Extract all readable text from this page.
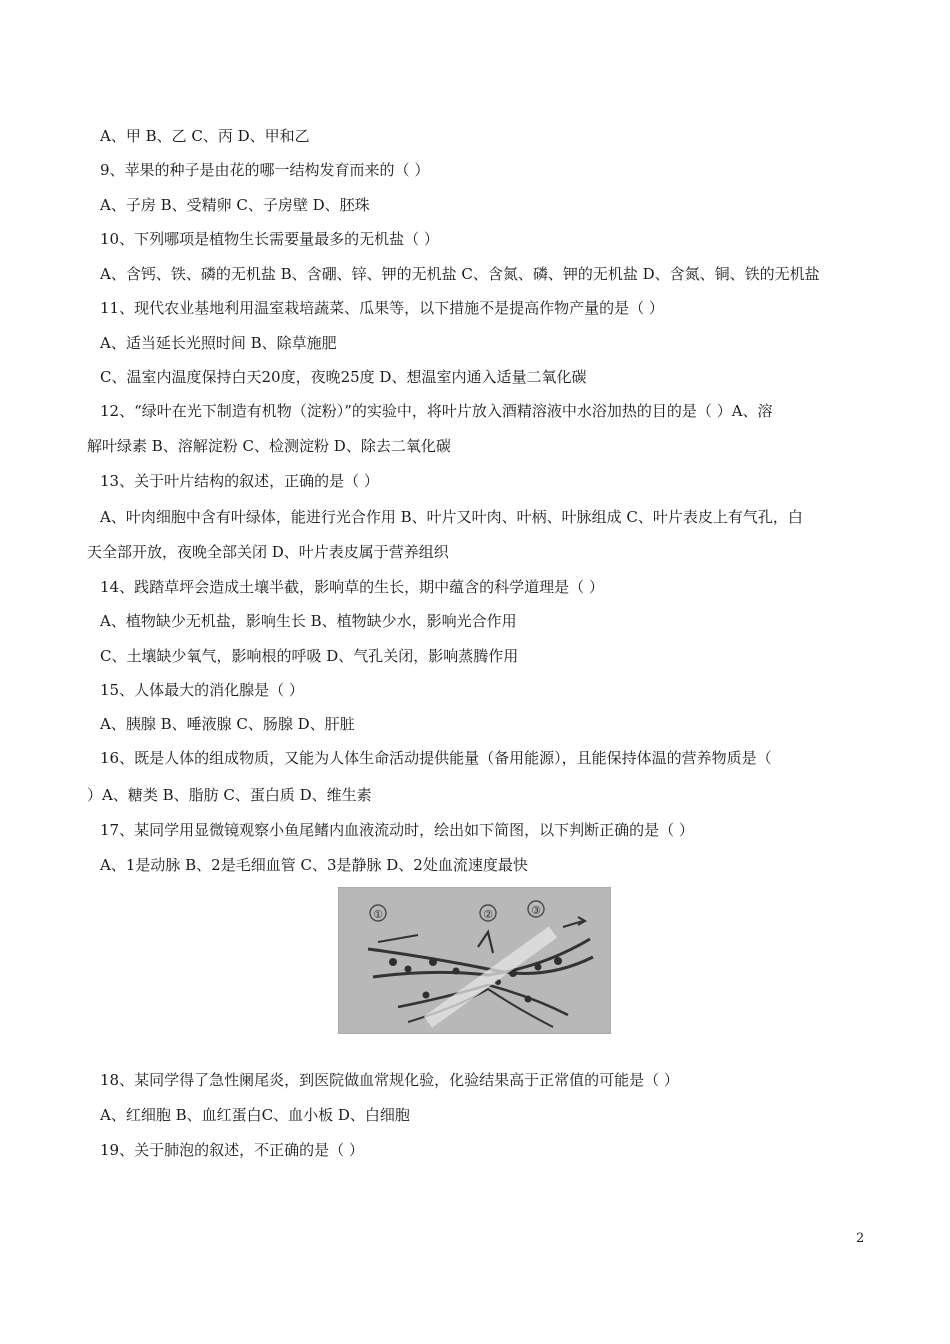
A、甲 B、乙 C、丙 D、甲和乙
9、苹果的种子是由花的哪一结构发育而来的（ ）
A、子房 B、受精卵 C、子房壁 D、胚珠
10、下列哪项是植物生长需要量最多的无机盐（ ）
A、含钙、铁、磷的无机盐 B、含硼、锌、钾的无机盐 C、含氮、磷、钾的无机盐 D、含氮、铜、铁的无机盐
11、现代农业基地利用温室栽培蔬菜、瓜果等，以下措施不是提高作物产量的是（ ）
A、适当延长光照时间 B、除草施肥
C、温室内温度保持白天20度，夜晚25度 D、想温室内通入适量二氧化碳
12、“绿叶在光下制造有机物（淀粉）”的实验中，将叶片放入酒精溶液中水浴加热的目的是（ ）A、溶
解叶绿素 B、溶解淀粉 C、检测淀粉 D、除去二氧化碳
13、关于叶片结构的叙述，正确的是（ ）
A、叶肉细胞中含有叶绿体，能进行光合作用 B、叶片又叶肉、叶柄、叶脉组成 C、叶片表皮上有气孔，白
天全部开放，夜晚全部关闭 D、叶片表皮属于营养组织
14、践踏草坪会造成土壤半截，影响草的生长，期中蕴含的科学道理是（ ）
A、植物缺少无机盐，影响生长 B、植物缺少水，影响光合作用
C、土壤缺少氧气，影响根的呼吸 D、气孔关闭，影响蒸腾作用
15、人体最大的消化腺是（ ）
A、胰腺 B、唾液腺 C、肠腺 D、肝脏
16、既是人体的组成物质，又能为人体生命活动提供能量（备用能源），且能保持体温的营养物质是（
）A、糖类 B、脂肪 C、蛋白质 D、维生素
17、某同学用显微镜观察小鱼尾鳍内血液流动时，绘出如下简图，以下判断正确的是（ ）
A、1是动脉 B、2是毛细血管 C、3是静脉 D、2处血流速度最快
①	②	③
18、某同学得了急性阑尾炎，到医院做血常规化验，化验结果高于正常值的可能是（ ）
A、红细胞 B、血红蛋白C、血小板 D、白细胞
19、关于肺泡的叙述，不正确的是（ ）
2
